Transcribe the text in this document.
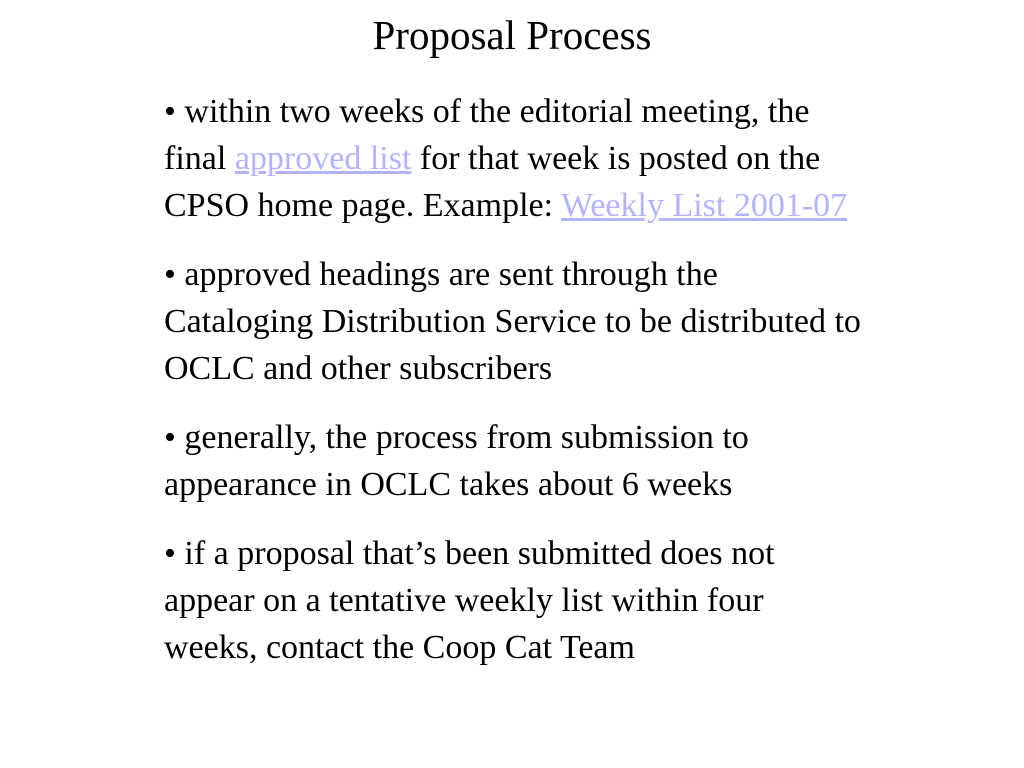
Proposal Process
• within two weeks of the editorial meeting, the final approved list for that week is posted on the CPSO home page. Example: Weekly List 2001-07
• approved headings are sent through the Cataloging Distribution Service to be distributed to OCLC and other subscribers
• generally, the process from submission to appearance in OCLC takes about 6 weeks
• if a proposal that’s been submitted does not appear on a tentative weekly list within four weeks, contact the Coop Cat Team
